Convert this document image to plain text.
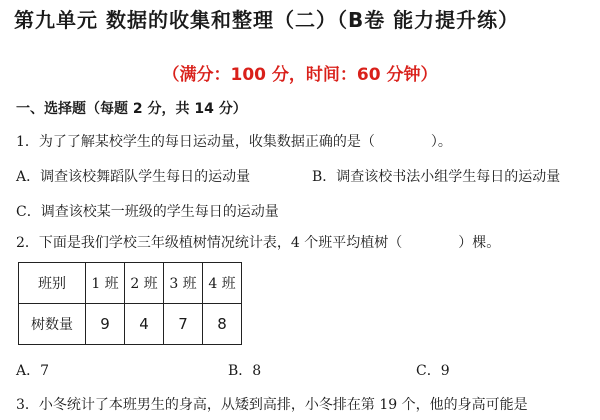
第九单元 数据的收集和整理（二）（B卷 能力提升练）
（满分：100 分，时间：60 分钟）
一、选择题（每题 2 分，共 14 分）
1．为了了解某校学生的每日运动量，收集数据正确的是（　　　　）。
A．调查该校舞蹈队学生每日的运动量	B．调查该校书法小组学生每日的运动量
C．调查该校某一班级的学生每日的运动量
2．下面是我们学校三年级植树情况统计表，4 个班平均植树（　　　　）棵。
班别	1 班	2 班	3 班	4 班
树数量	9	4	7	8
A．7	B．8	C．9
3．小冬统计了本班男生的身高，从矮到高排，小冬排在第 19 个，他的身高可能是
